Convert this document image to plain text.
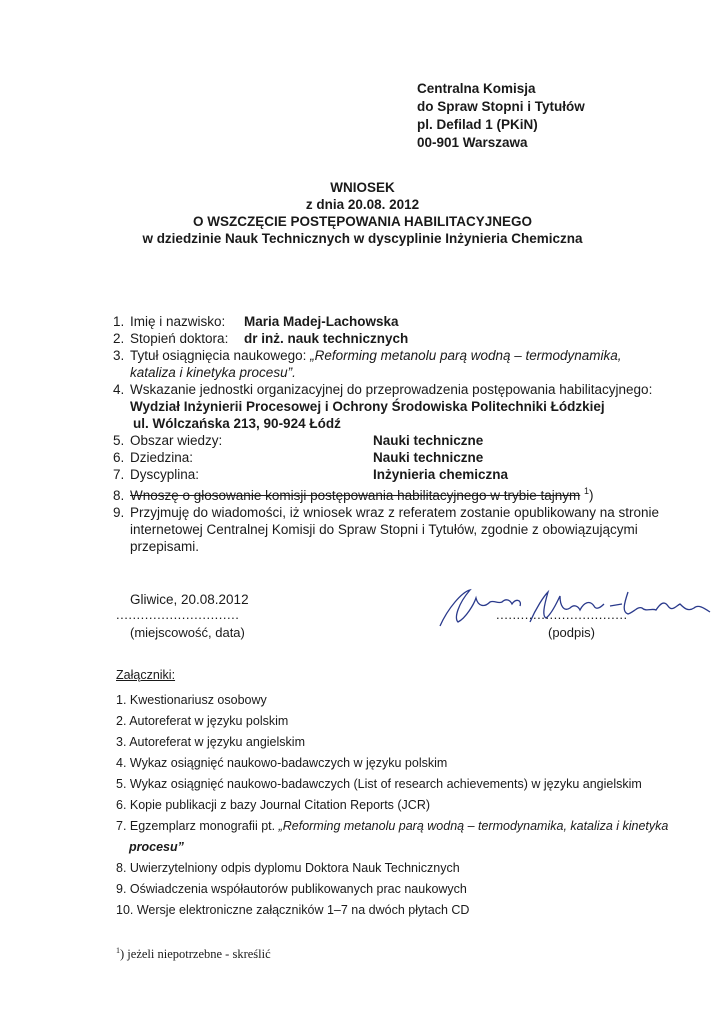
Centralna Komisja
do Spraw Stopni i Tytułów
pl. Defilad 1 (PKiN)
00-901 Warszawa
WNIOSEK
z dnia 20.08. 2012
O WSZCZĘCIE POSTĘPOWANIA HABILITACYJNEGO
w dziedzinie Nauk Technicznych w dyscyplinie Inżynieria Chemiczna
1. Imię i nazwisko: Maria Madej-Lachowska
2. Stopień doktora: dr inż. nauk technicznych
3. Tytuł osiągnięcia naukowego: „Reforming metanolu parą wodną – termodynamika,
kataliza i kinetyka procesu”.
4. Wskazanie jednostki organizacyjnej do przeprowadzenia postępowania habilitacyjnego:
Wydział Inżynierii Procesowej i Ochrony Środowiska Politechniki Łódzkiej
ul. Wólczańska 213, 90-924 Łódź
5. Obszar wiedzy:	Nauki techniczne
6. Dziedzina:	Nauki techniczne
7. Dyscyplina:	Inżynieria chemiczna
8. Wnoszę o głosowanie komisji postępowania habilitacyjnego w trybie tajnym $^1$)
9. Przyjmuję do wiadomości, iż wniosek wraz z referatem zostanie opublikowany na stronie
internetowej Centralnej Komisji do Spraw Stopni i Tytułów, zgodnie z obowiązującymi
przepisami.
Gliwice, 20.08.2012
..............................
(miejscowość, data)
Maria Madej-Lachowska
................................
(podpis)
Załączniki:
1. Kwestionariusz osobowy
2. Autoreferat w języku polskim
3. Autoreferat w języku angielskim
4. Wykaz osiągnięć naukowo-badawczych w języku polskim
5. Wykaz osiągnięć naukowo-badawczych (List of research achievements) w języku angielskim
6. Kopie publikacji z bazy Journal Citation Reports (JCR)
7. Egzemplarz monografii pt. „Reforming metanolu parą wodną – termodynamika, kataliza i kinetyka
procesu”
8. Uwierzytelniony odpis dyplomu Doktora Nauk Technicznych
9. Oświadczenia współautorów publikowanych prac naukowych
10. Wersje elektroniczne załączników 1–7 na dwóch płytach CD
$^1$) jeżeli niepotrzebne - skreślić
